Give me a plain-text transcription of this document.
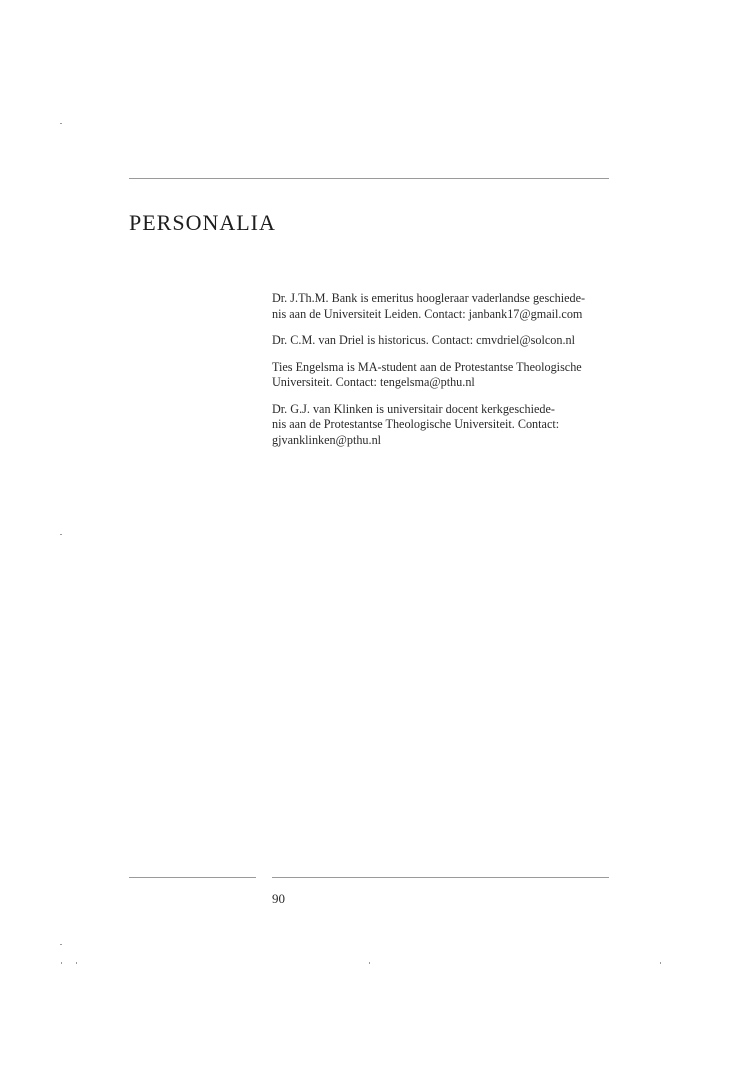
PERSONALIA

Dr. J.Th.M. Bank is emeritus hoogleraar vaderlandse geschiede-
nis aan de Universiteit Leiden. Contact: janbank17@gmail.com

Dr. C.M. van Driel is historicus. Contact: cmvdriel@solcon.nl

Ties Engelsma is MA-student aan de Protestantse Theologische
Universiteit. Contact: tengelsma@pthu.nl

Dr. G.J. van Klinken is universitair docent kerkgeschiede-
nis aan de Protestantse Theologische Universiteit. Contact:
gjvanklinken@pthu.nl

90
